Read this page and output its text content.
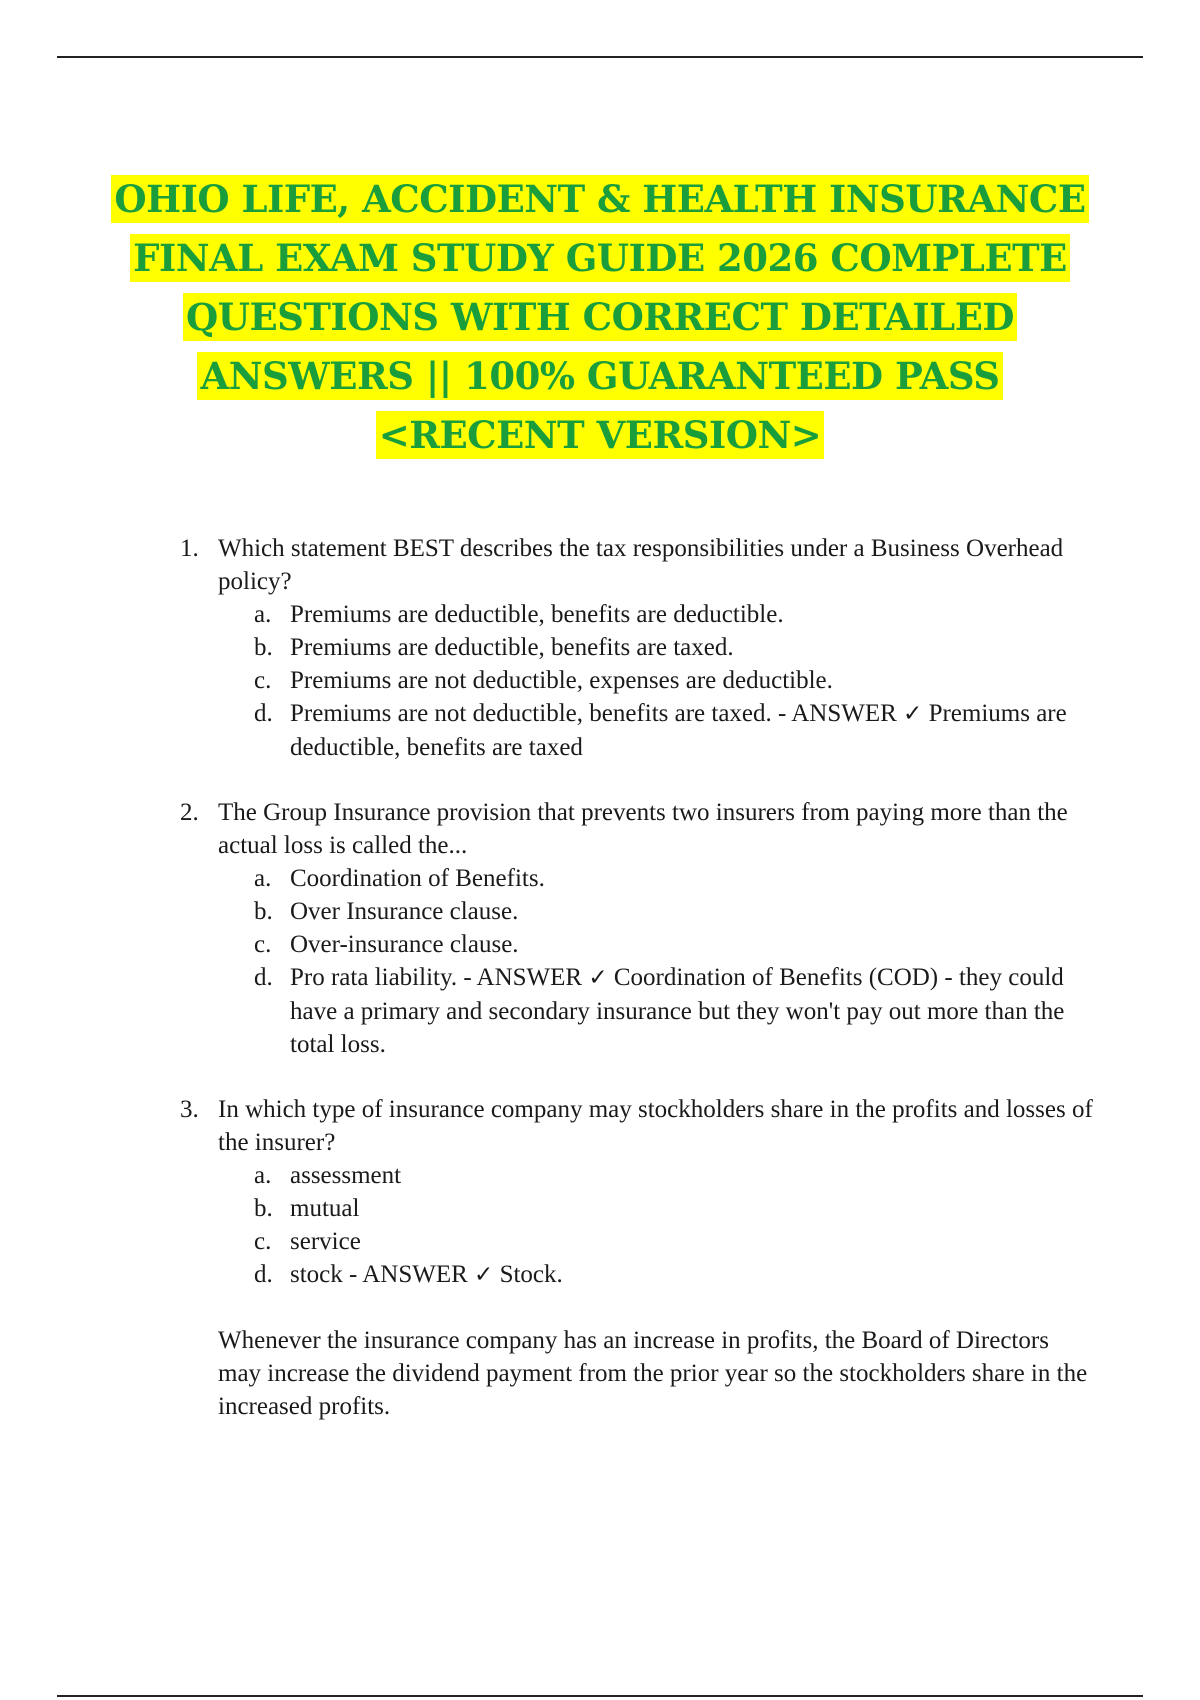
OHIO LIFE, ACCIDENT & HEALTH INSURANCE
FINAL EXAM STUDY GUIDE 2026 COMPLETE
QUESTIONS WITH CORRECT DETAILED
ANSWERS || 100% GUARANTEED PASS
<RECENT VERSION>
1. Which statement BEST describes the tax responsibilities under a Business Overhead policy?
a. Premiums are deductible, benefits are deductible.
b. Premiums are deductible, benefits are taxed.
c. Premiums are not deductible, expenses are deductible.
d. Premiums are not deductible, benefits are taxed. - ANSWER ✓ Premiums are deductible, benefits are taxed
2. The Group Insurance provision that prevents two insurers from paying more than the actual loss is called the...
a. Coordination of Benefits.
b. Over Insurance clause.
c. Over-insurance clause.
d. Pro rata liability. - ANSWER ✓ Coordination of Benefits (COD) - they could have a primary and secondary insurance but they won't pay out more than the total loss.
3. In which type of insurance company may stockholders share in the profits and losses of the insurer?
a. assessment
b. mutual
c. service
d. stock - ANSWER ✓ Stock.
Whenever the insurance company has an increase in profits, the Board of Directors may increase the dividend payment from the prior year so the stockholders share in the increased profits.
